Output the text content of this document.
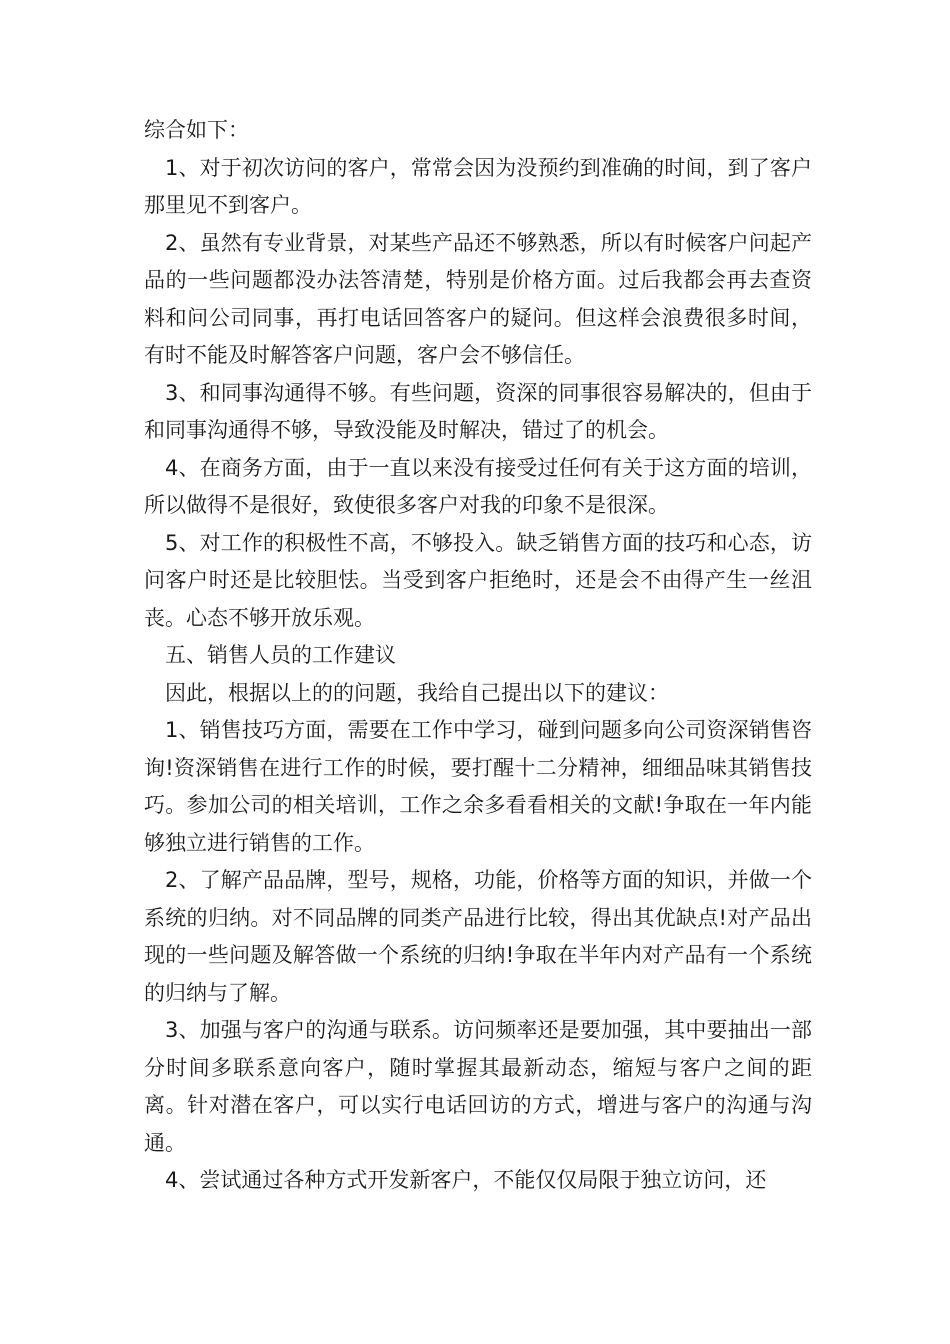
综合如下：

1、对于初次访问的客户，常常会因为没预约到准确的时间，到了客户那里见不到客户。

2、虽然有专业背景，对某些产品还不够熟悉，所以有时候客户问起产品的一些问题都没办法答清楚，特别是价格方面。过后我都会再去查资料和问公司同事，再打电话回答客户的疑问。但这样会浪费很多时间，有时不能及时解答客户问题，客户会不够信任。

3、和同事沟通得不够。有些问题，资深的同事很容易解决的，但由于和同事沟通得不够，导致没能及时解决，错过了的机会。

4、在商务方面，由于一直以来没有接受过任何有关于这方面的培训，所以做得不是很好，致使很多客户对我的印象不是很深。

5、对工作的积极性不高，不够投入。缺乏销售方面的技巧和心态，访问客户时还是比较胆怯。当受到客户拒绝时，还是会不由得产生一丝沮丧。心态不够开放乐观。

五、销售人员的工作建议

因此，根据以上的的问题，我给自己提出以下的建议：

1、销售技巧方面，需要在工作中学习，碰到问题多向公司资深销售咨询!资深销售在进行工作的时候，要打醒十二分精神，细细品味其销售技巧。参加公司的相关培训，工作之余多看看相关的文献!争取在一年内能够独立进行销售的工作。

2、了解产品品牌，型号，规格，功能，价格等方面的知识，并做一个系统的归纳。对不同品牌的同类产品进行比较，得出其优缺点!对产品出现的一些问题及解答做一个系统的归纳!争取在半年内对产品有一个系统的归纳与了解。

3、加强与客户的沟通与联系。访问频率还是要加强，其中要抽出一部分时间多联系意向客户，随时掌握其最新动态，缩短与客户之间的距离。针对潜在客户，可以实行电话回访的方式，增进与客户的沟通与沟通。

4、尝试通过各种方式开发新客户，不能仅仅局限于独立访问，还
